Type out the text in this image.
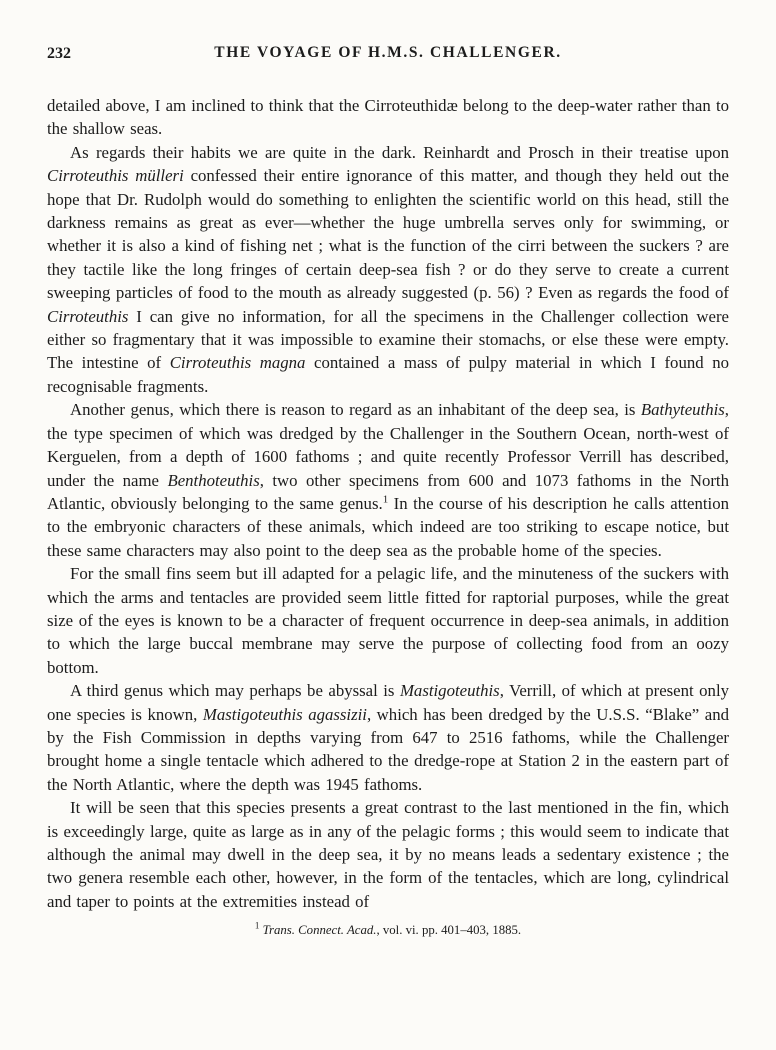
232	THE VOYAGE OF H.M.S. CHALLENGER.

detailed above, I am inclined to think that the Cirroteuthidæ belong to the deep-water rather than to the shallow seas.

As regards their habits we are quite in the dark. Reinhardt and Prosch in their treatise upon Cirroteuthis mülleri confessed their entire ignorance of this matter, and though they held out the hope that Dr. Rudolph would do something to enlighten the scientific world on this head, still the darkness remains as great as ever—whether the huge umbrella serves only for swimming, or whether it is also a kind of fishing net ; what is the function of the cirri between the suckers ? are they tactile like the long fringes of certain deep-sea fish ? or do they serve to create a current sweeping particles of food to the mouth as already suggested (p. 56) ? Even as regards the food of Cirroteuthis I can give no information, for all the specimens in the Challenger collection were either so fragmentary that it was impossible to examine their stomachs, or else these were empty. The intestine of Cirroteuthis magna contained a mass of pulpy material in which I found no recognisable fragments.

Another genus, which there is reason to regard as an inhabitant of the deep sea, is Bathyteuthis, the type specimen of which was dredged by the Challenger in the Southern Ocean, north-west of Kerguelen, from a depth of 1600 fathoms ; and quite recently Professor Verrill has described, under the name Benthoteuthis, two other specimens from 600 and 1073 fathoms in the North Atlantic, obviously belonging to the same genus.$^1$ In the course of his description he calls attention to the embryonic characters of these animals, which indeed are too striking to escape notice, but these same characters may also point to the deep sea as the probable home of the species.

For the small fins seem but ill adapted for a pelagic life, and the minuteness of the suckers with which the arms and tentacles are provided seem little fitted for raptorial purposes, while the great size of the eyes is known to be a character of frequent occurrence in deep-sea animals, in addition to which the large buccal membrane may serve the purpose of collecting food from an oozy bottom.

A third genus which may perhaps be abyssal is Mastigoteuthis, Verrill, of which at present only one species is known, Mastigoteuthis agassizii, which has been dredged by the U.S.S. “Blake” and by the Fish Commission in depths varying from 647 to 2516 fathoms, while the Challenger brought home a single tentacle which adhered to the dredge-rope at Station 2 in the eastern part of the North Atlantic, where the depth was 1945 fathoms.

It will be seen that this species presents a great contrast to the last mentioned in the fin, which is exceedingly large, quite as large as in any of the pelagic forms ; this would seem to indicate that although the animal may dwell in the deep sea, it by no means leads a sedentary existence ; the two genera resemble each other, however, in the form of the tentacles, which are long, cylindrical and taper to points at the extremities instead of

$^1$ Trans. Connect. Acad., vol. vi. pp. 401–403, 1885.
